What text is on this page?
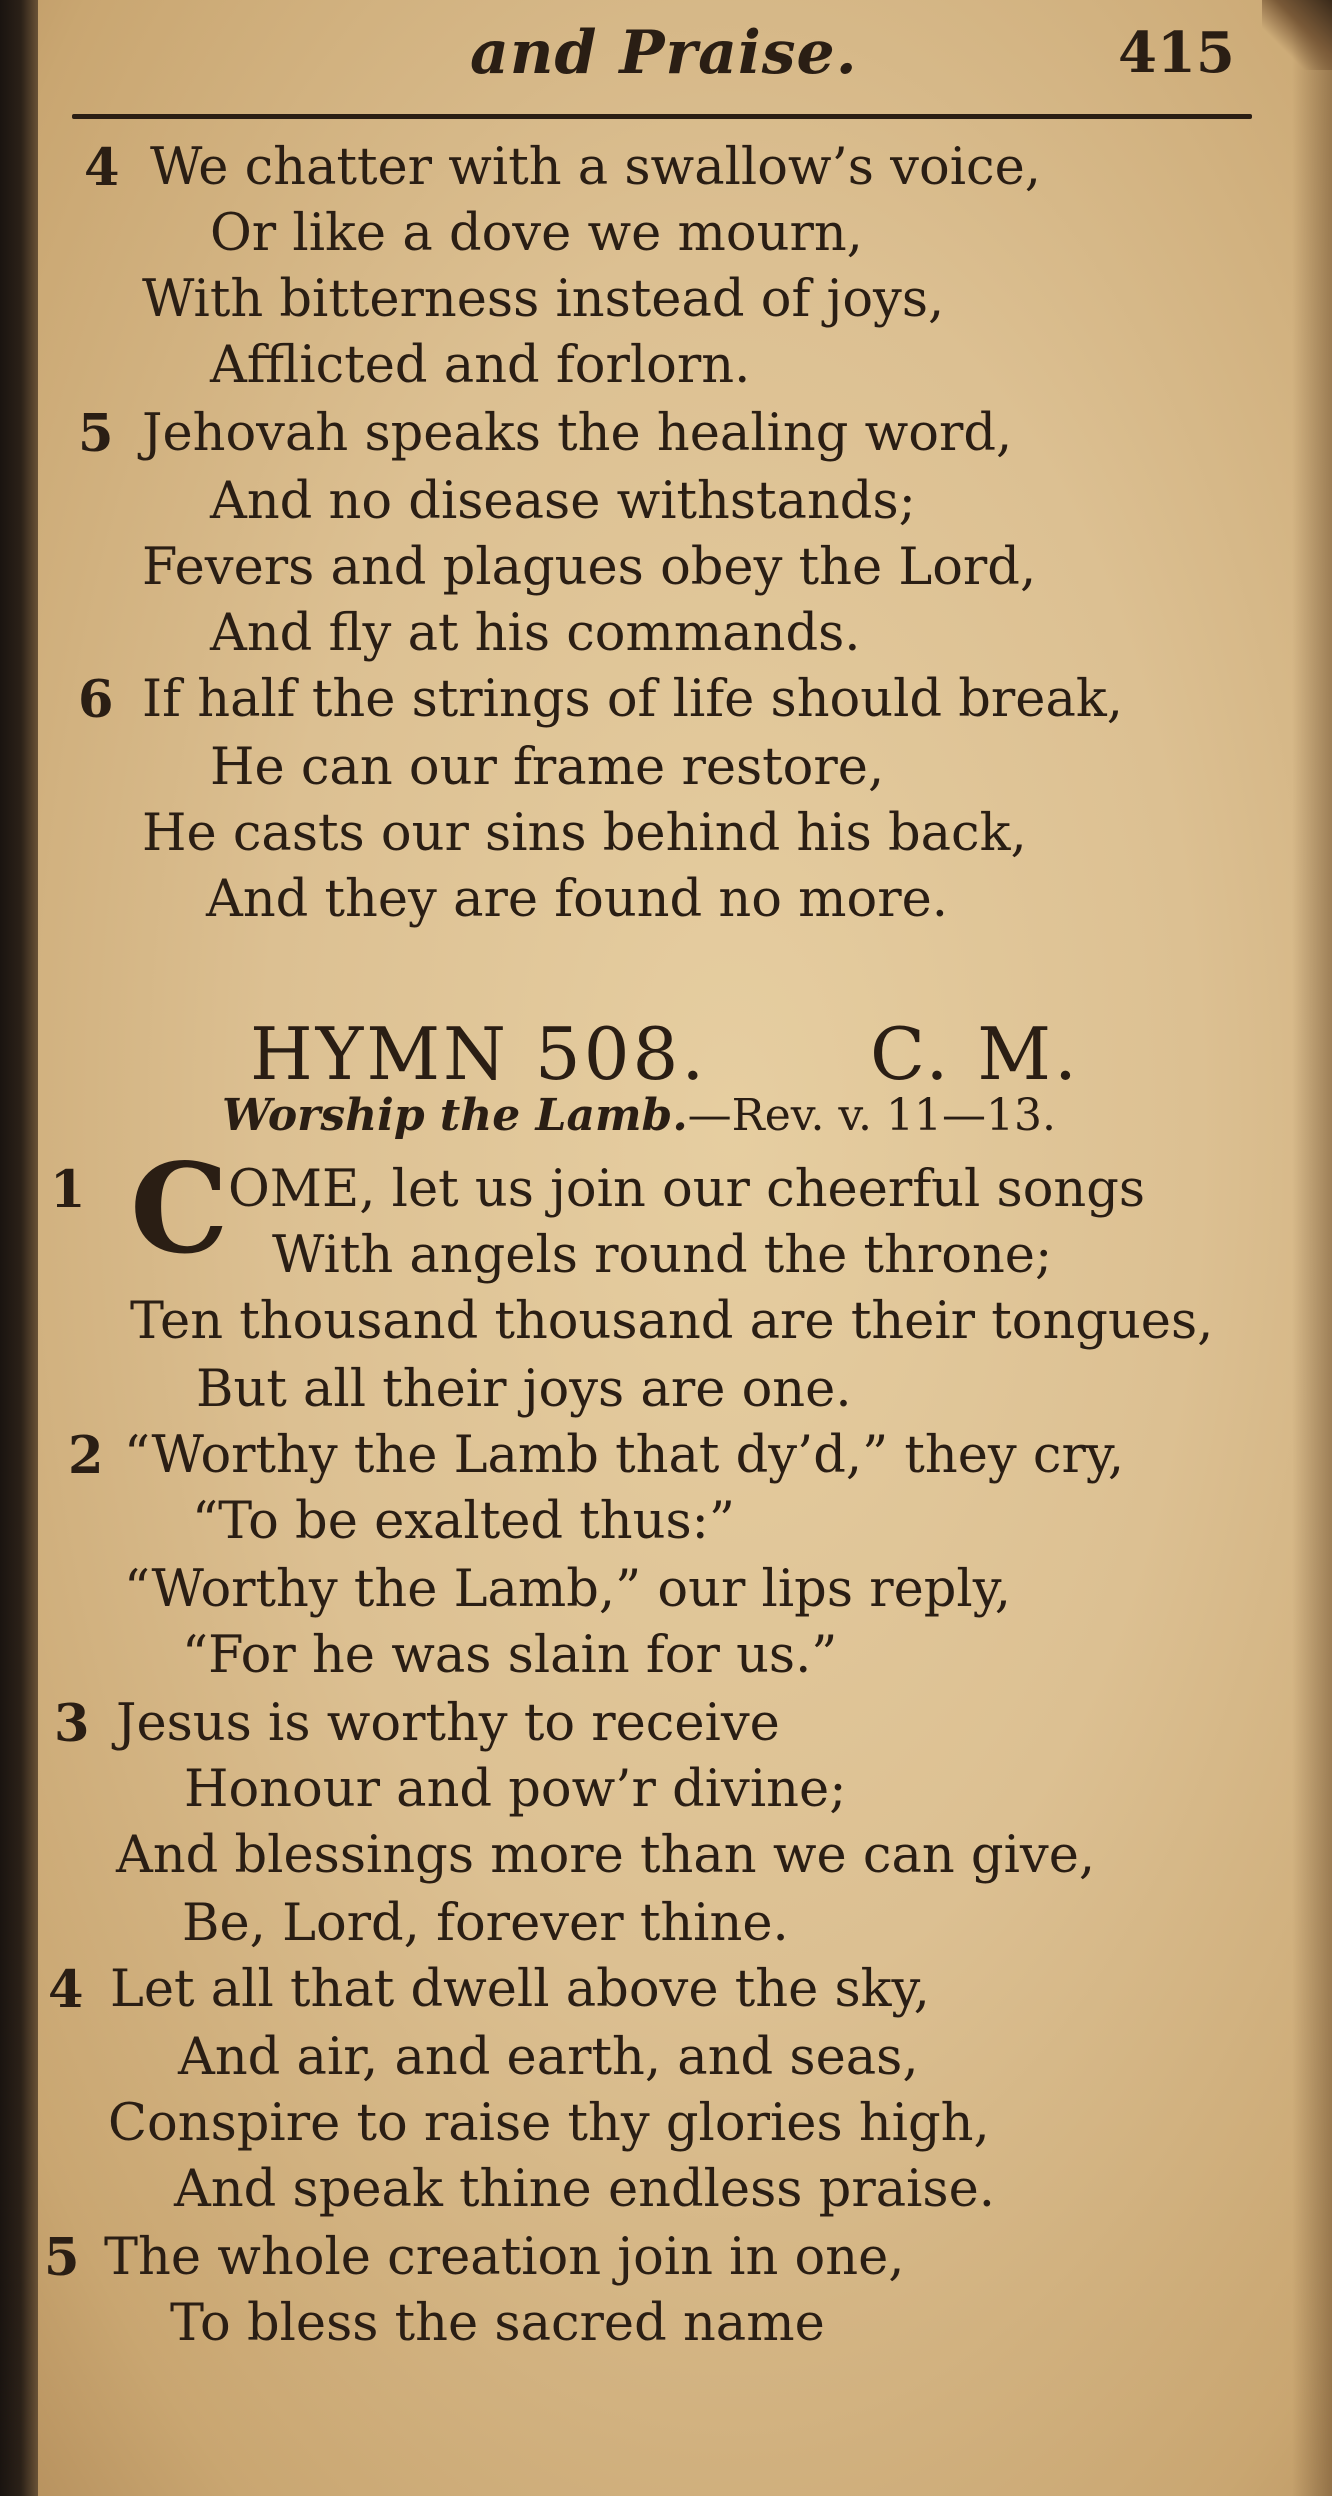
and Praise.	415
4 We chatter with a swallow’s voice,
Or like a dove we mourn,
With bitterness instead of joys,
Afflicted and forlorn.
5 Jehovah speaks the healing word,
And no disease withstands;
Fevers and plagues obey the Lord,
And fly at his commands.
6 If half the strings of life should break,
He can our frame restore,
He casts our sins behind his back,
And they are found no more.
HYMN 508. C. M.
Worship the Lamb.—Rev. v. 11—13.
1 C OME, let us join our cheerful songs
With angels round the throne;
Ten thousand thousand are their tongues,
But all their joys are one.
2 “Worthy the Lamb that dy’d,” they cry,
“To be exalted thus:”
“Worthy the Lamb,” our lips reply,
“For he was slain for us.”
3 Jesus is worthy to receive
Honour and pow’r divine;
And blessings more than we can give,
Be, Lord, forever thine.
4 Let all that dwell above the sky,
And air, and earth, and seas,
Conspire to raise thy glories high,
And speak thine endless praise.
5 The whole creation join in one,
To bless the sacred name
